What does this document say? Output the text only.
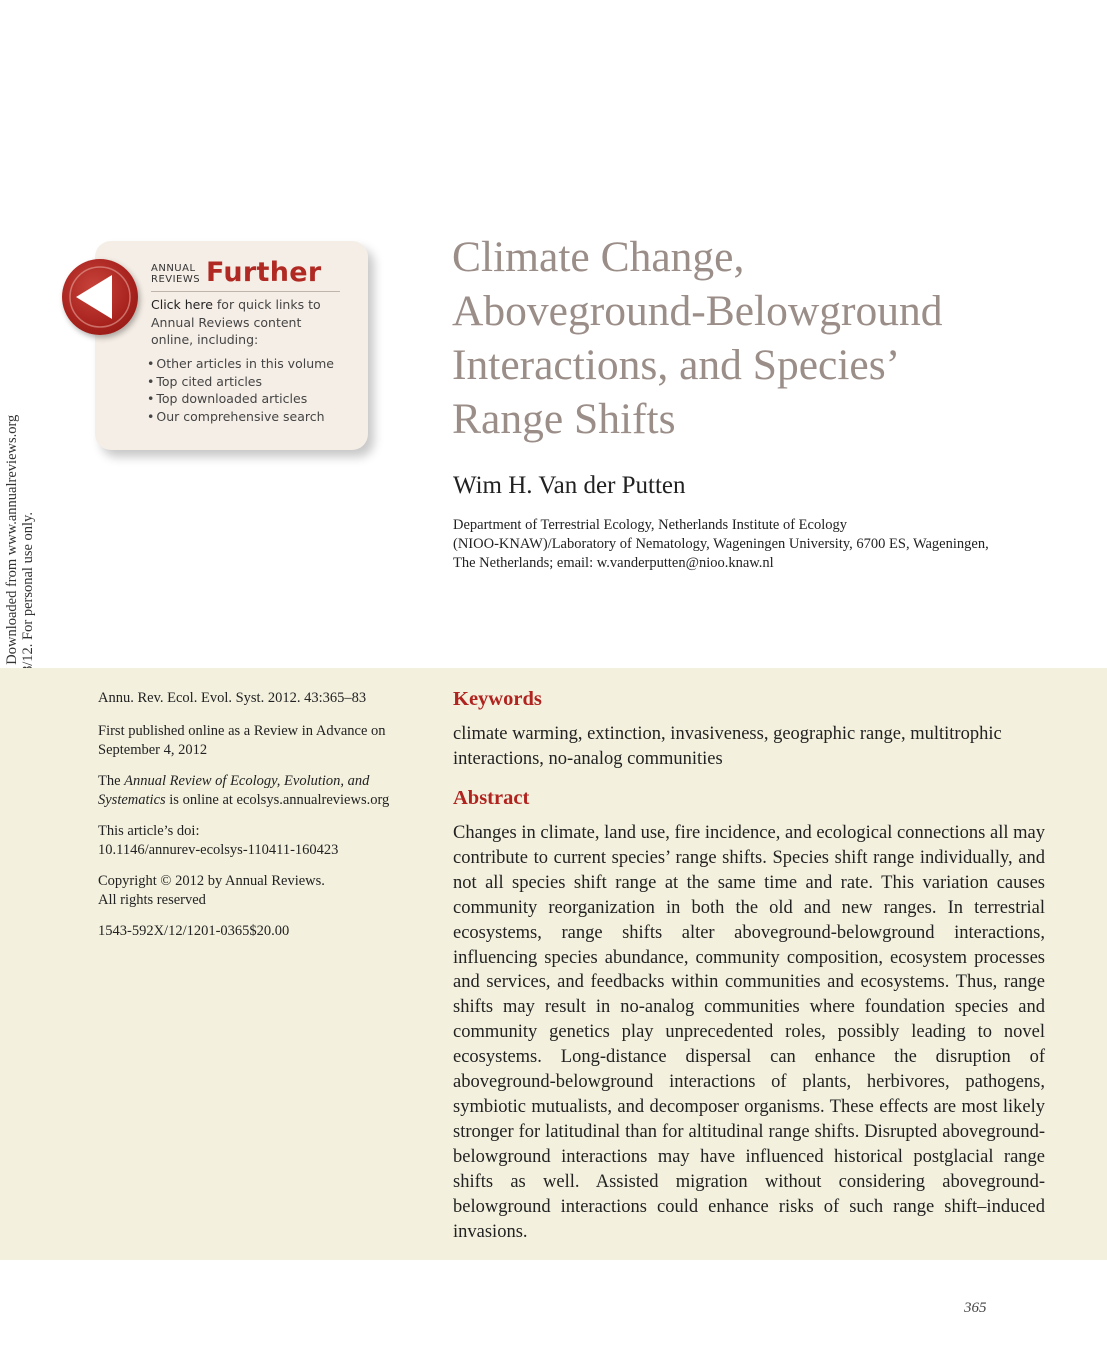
ANNUAL
REVIEWS Further
Click here for quick links to Annual Reviews content online, including:
• Other articles in this volume
• Top cited articles
• Top downloaded articles
• Our comprehensive search
Climate Change,
Aboveground-Belowground
Interactions, and Species’
Range Shifts
Wim H. Van der Putten
Department of Terrestrial Ecology, Netherlands Institute of Ecology
(NIOO-KNAW)/Laboratory of Nematology, Wageningen University, 6700 ES, Wageningen,
The Netherlands; email: w.vanderputten@nioo.knaw.nl

Annu. Rev. Ecol. Evol. Syst. 2012. 43:365–83

First published online as a Review in Advance on September 4, 2012

The Annual Review of Ecology, Evolution, and Systematics is online at ecolsys.annualreviews.org

This article’s doi:
10.1146/annurev-ecolsys-110411-160423

Copyright © 2012 by Annual Reviews.
All rights reserved

1543-592X/12/1201-0365$20.00

Keywords
climate warming, extinction, invasiveness, geographic range, multitrophic interactions, no-analog communities
Abstract

Changes in climate, land use, fire incidence, and ecological connections all may contribute to current species’ range shifts. Species shift range individually, and not all species shift range at the same time and rate. This variation causes community reorganization in both the old and new ranges. In terrestrial ecosystems, range shifts alter aboveground-belowground interactions, influencing species abundance, community composition, ecosystem processes and services, and feedbacks within communities and ecosystems. Thus, range shifts may result in no-analog communities where foundation species and community genetics play unprecedented roles, possibly leading to novel ecosystems. Long-distance dispersal can enhance the disruption of aboveground-belowground interactions of plants, herbivores, pathogens, symbiotic mutualists, and decomposer organisms. These effects are most likely stronger for latitudinal than for altitudinal range shifts. Disrupted aboveground-belowground interactions may have influenced historical postglacial range shifts as well. Assisted migration without considering aboveground-belowground interactions could enhance risks of such range shift–induced invasions.

365
